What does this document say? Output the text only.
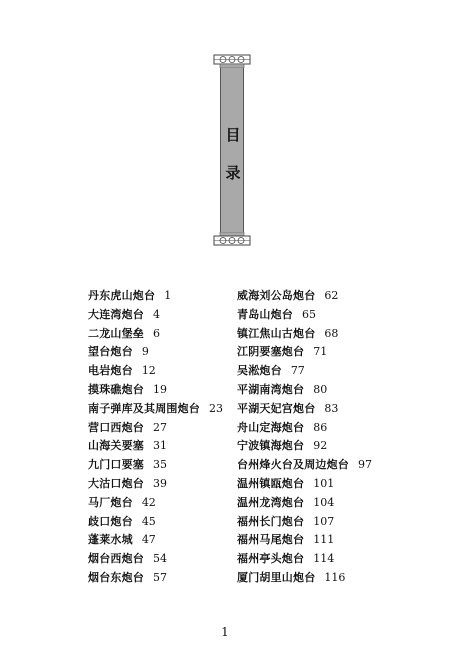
目
录
丹东虎山炮台 1
大连湾炮台 4
二龙山堡垒 6
望台炮台 9
电岩炮台 12
摸珠礁炮台 19
南子弹库及其周围炮台 23
营口西炮台 27
山海关要塞 31
九门口要塞 35
大沽口炮台 39
马厂炮台 42
歧口炮台 45
蓬莱水城 47
烟台西炮台 54
烟台东炮台 57
威海刘公岛炮台 62
青岛山炮台 65
镇江焦山古炮台 68
江阴要塞炮台 71
吴淞炮台 77
平湖南湾炮台 80
平湖天妃宫炮台 83
舟山定海炮台 86
宁波镇海炮台 92
台州烽火台及周边炮台 97
温州镇瓯炮台 101
温州龙湾炮台 104
福州长门炮台 107
福州马尾炮台 111
福州亭头炮台 114
厦门胡里山炮台 116
1
